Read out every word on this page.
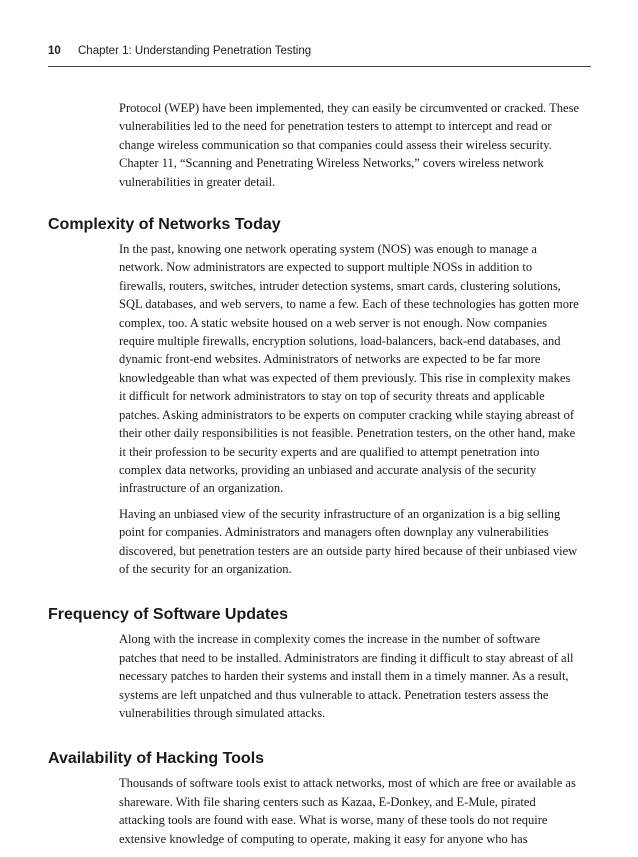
10 Chapter 1: Understanding Penetration Testing

Protocol (WEP) have been implemented, they can easily be circumvented or cracked. These
vulnerabilities led to the need for penetration testers to attempt to intercept and read or
change wireless communication so that companies could assess their wireless security.
Chapter 11, “Scanning and Penetrating Wireless Networks,” covers wireless network
vulnerabilities in greater detail.

Complexity of Networks Today

In the past, knowing one network operating system (NOS) was enough to manage a
network. Now administrators are expected to support multiple NOSs in addition to
firewalls, routers, switches, intruder detection systems, smart cards, clustering solutions,
SQL databases, and web servers, to name a few. Each of these technologies has gotten more
complex, too. A static website housed on a web server is not enough. Now companies
require multiple firewalls, encryption solutions, load-balancers, back-end databases, and
dynamic front-end websites. Administrators of networks are expected to be far more
knowledgeable than what was expected of them previously. This rise in complexity makes
it difficult for network administrators to stay on top of security threats and applicable
patches. Asking administrators to be experts on computer cracking while staying abreast of
their other daily responsibilities is not feasible. Penetration testers, on the other hand, make
it their profession to be security experts and are qualified to attempt penetration into
complex data networks, providing an unbiased and accurate analysis of the security
infrastructure of an organization.

Having an unbiased view of the security infrastructure of an organization is a big selling
point for companies. Administrators and managers often downplay any vulnerabilities
discovered, but penetration testers are an outside party hired because of their unbiased view
of the security for an organization.

Frequency of Software Updates

Along with the increase in complexity comes the increase in the number of software
patches that need to be installed. Administrators are finding it difficult to stay abreast of all
necessary patches to harden their systems and install them in a timely manner. As a result,
systems are left unpatched and thus vulnerable to attack. Penetration testers assess the
vulnerabilities through simulated attacks.

Availability of Hacking Tools

Thousands of software tools exist to attack networks, most of which are free or available as
shareware. With file sharing centers such as Kazaa, E-Donkey, and E-Mule, pirated
attacking tools are found with ease. What is worse, many of these tools do not require
extensive knowledge of computing to operate, making it easy for anyone who has
